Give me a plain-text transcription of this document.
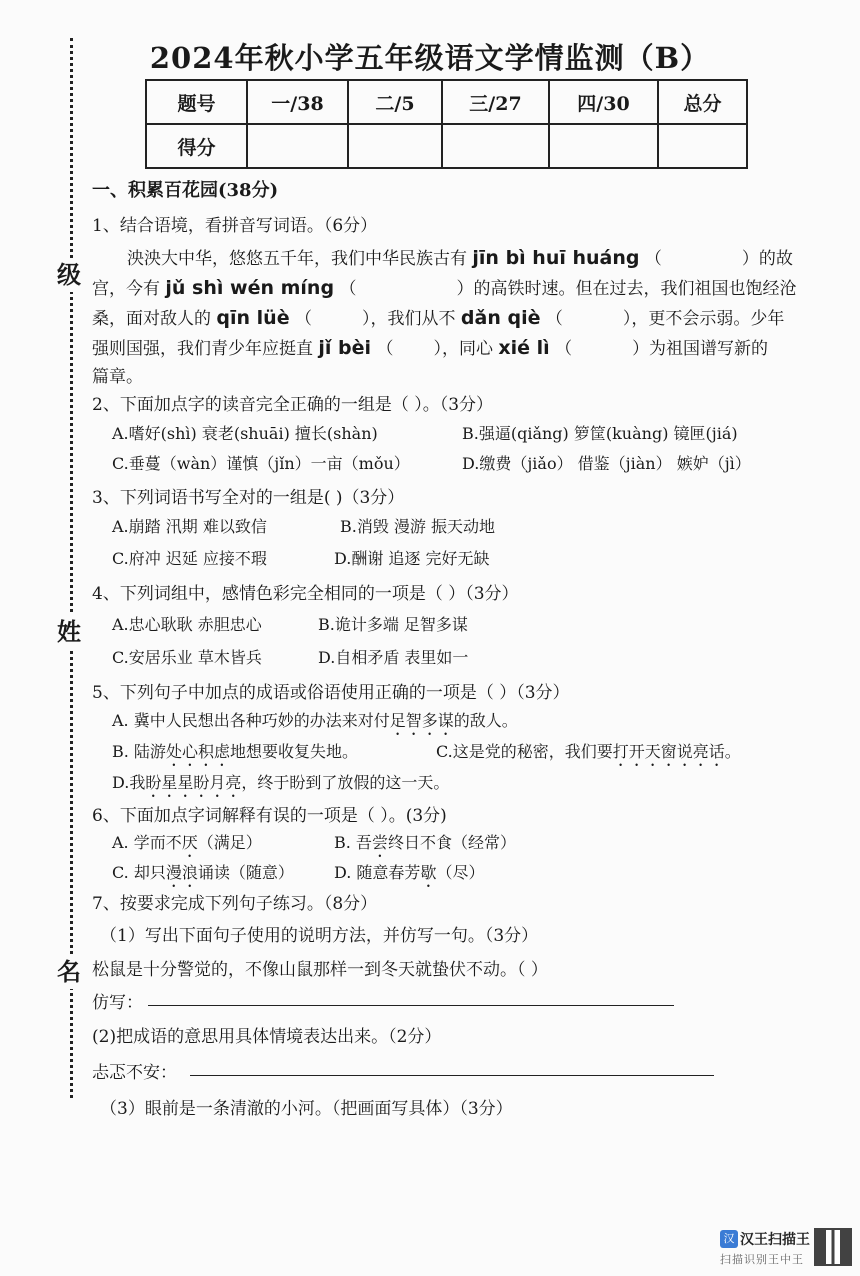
级
姓
名
2024年秋小学五年级语文学情监测（B）
题号	一/38	二/5	三/27	四/30	总分
得分					
一、积累百花园(38分)
1、结合语境，看拼音写词语。（6分）
泱泱大中华，悠悠五千年，我们中华民族古有 jīn bì huī huáng （	）的故
宫，今有 jǔ shì wén míng （	）的高铁时速。但在过去，我们祖国也饱经沧
桑，面对敌人的 qīn lüè （	），我们从不 dǎn qiè （	），更不会示弱。少年
强则国强，我们青少年应挺直 jǐ bèi （ ），同心 xié lì （	）为祖国谱写新的
篇章。
2、下面加点字的读音完全正确的一组是（ ）。（3分）
A.嗜好(shì) 衰老(shuāi) 擅长(shàn)	B.强逼(qiǎng) 箩筐(kuàng) 镜匣(jiá)
C.垂蔓（wàn）谨慎（jǐn）一亩（mǒu）	D.缴费（jiǎo） 借鉴（jiàn） 嫉妒（jì）
3、下列词语书写全对的一组是( )（3分）
A.崩踏 汛期 难以致信	B.消毁 漫游 振天动地
C.府冲 迟延 应接不瑕	D.酬谢 追逐 完好无缺
4、下列词组中，感情色彩完全相同的一项是（ ）（3分）
A.忠心耿耿 赤胆忠心	B.诡计多端 足智多谋
C.安居乐业 草木皆兵	D.自相矛盾 表里如一
5、下列句子中加点的成语或俗语使用正确的一项是（ ）（3分）
A. 冀中人民想出各种巧妙的办法来对付足智多谋的敌人。
B. 陆游处心积虑地想要收复失地。	C.这是党的秘密，我们要打开天窗说亮话。
D.我盼星星盼月亮，终于盼到了放假的这一天。
6、下面加点字词解释有误的一项是（ ）。(3分)
A. 学而不厌（满足）	B. 吾尝终日不食（经常）
C. 却只漫浪诵读（随意）	D. 随意春芳歇（尽）
7、按要求完成下列句子练习。（8分）
（1）写出下面句子使用的说明方法，并仿写一句。（3分）
松鼠是十分警觉的，不像山鼠那样一到冬天就蛰伏不动。（ ）
仿写：
(2)把成语的意思用具体情境表达出来。（2分）
忐忑不安：
（3）眼前是一条清澈的小河。（把画面写具体）（3分）
汉 汉王扫描王
扫描识别王中王
